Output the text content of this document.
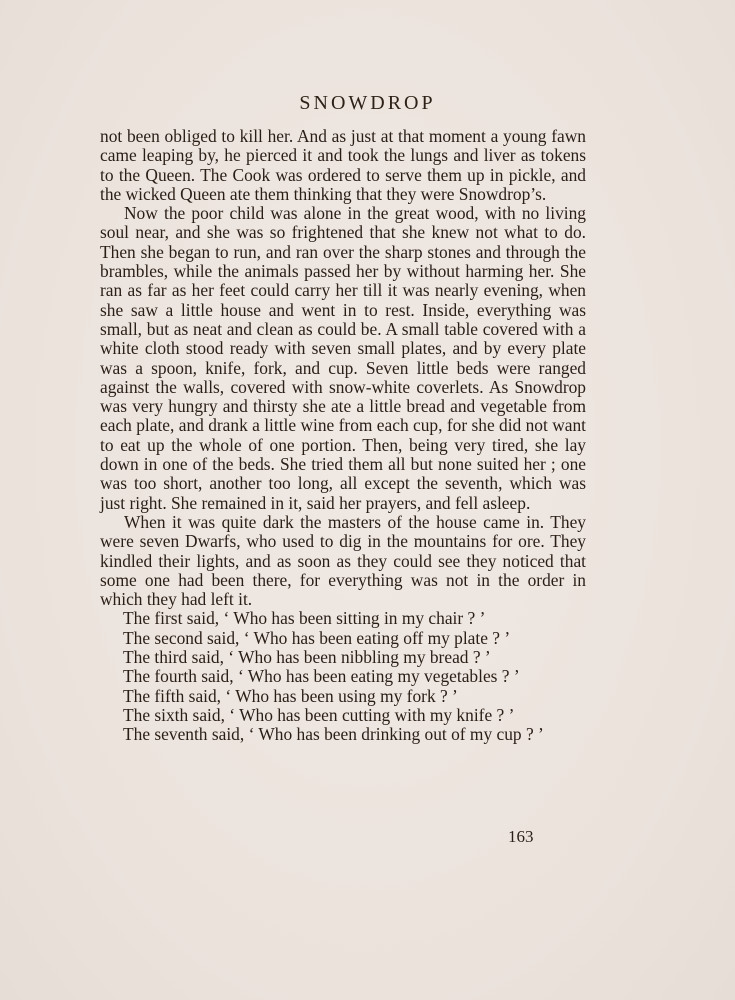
SNOWDROP

not been obliged to kill her. And as just at that moment a young fawn came leaping by, he pierced it and took the lungs and liver as tokens to the Queen. The Cook was ordered to serve them up in pickle, and the wicked Queen ate them thinking that they were Snowdrop’s.

Now the poor child was alone in the great wood, with no living soul near, and she was so frightened that she knew not what to do. Then she began to run, and ran over the sharp stones and through the brambles, while the animals passed her by without harming her. She ran as far as her feet could carry her till it was nearly evening, when she saw a little house and went in to rest. Inside, everything was small, but as neat and clean as could be. A small table covered with a white cloth stood ready with seven small plates, and by every plate was a spoon, knife, fork, and cup. Seven little beds were ranged against the walls, covered with snow-white coverlets. As Snowdrop was very hungry and thirsty she ate a little bread and vegetable from each plate, and drank a little wine from each cup, for she did not want to eat up the whole of one portion. Then, being very tired, she lay down in one of the beds. She tried them all but none suited her ; one was too short, another too long, all except the seventh, which was just right. She remained in it, said her prayers, and fell asleep.

When it was quite dark the masters of the house came in. They were seven Dwarfs, who used to dig in the mountains for ore. They kindled their lights, and as soon as they could see they noticed that some one had been there, for everything was not in the order in which they had left it.

The first said, ‘ Who has been sitting in my chair ? ’

The second said, ‘ Who has been eating off my plate ? ’

The third said, ‘ Who has been nibbling my bread ? ’

The fourth said, ‘ Who has been eating my vegetables ? ’

The fifth said, ‘ Who has been using my fork ? ’

The sixth said, ‘ Who has been cutting with my knife ? ’

The seventh said, ‘ Who has been drinking out of my cup ? ’

163
